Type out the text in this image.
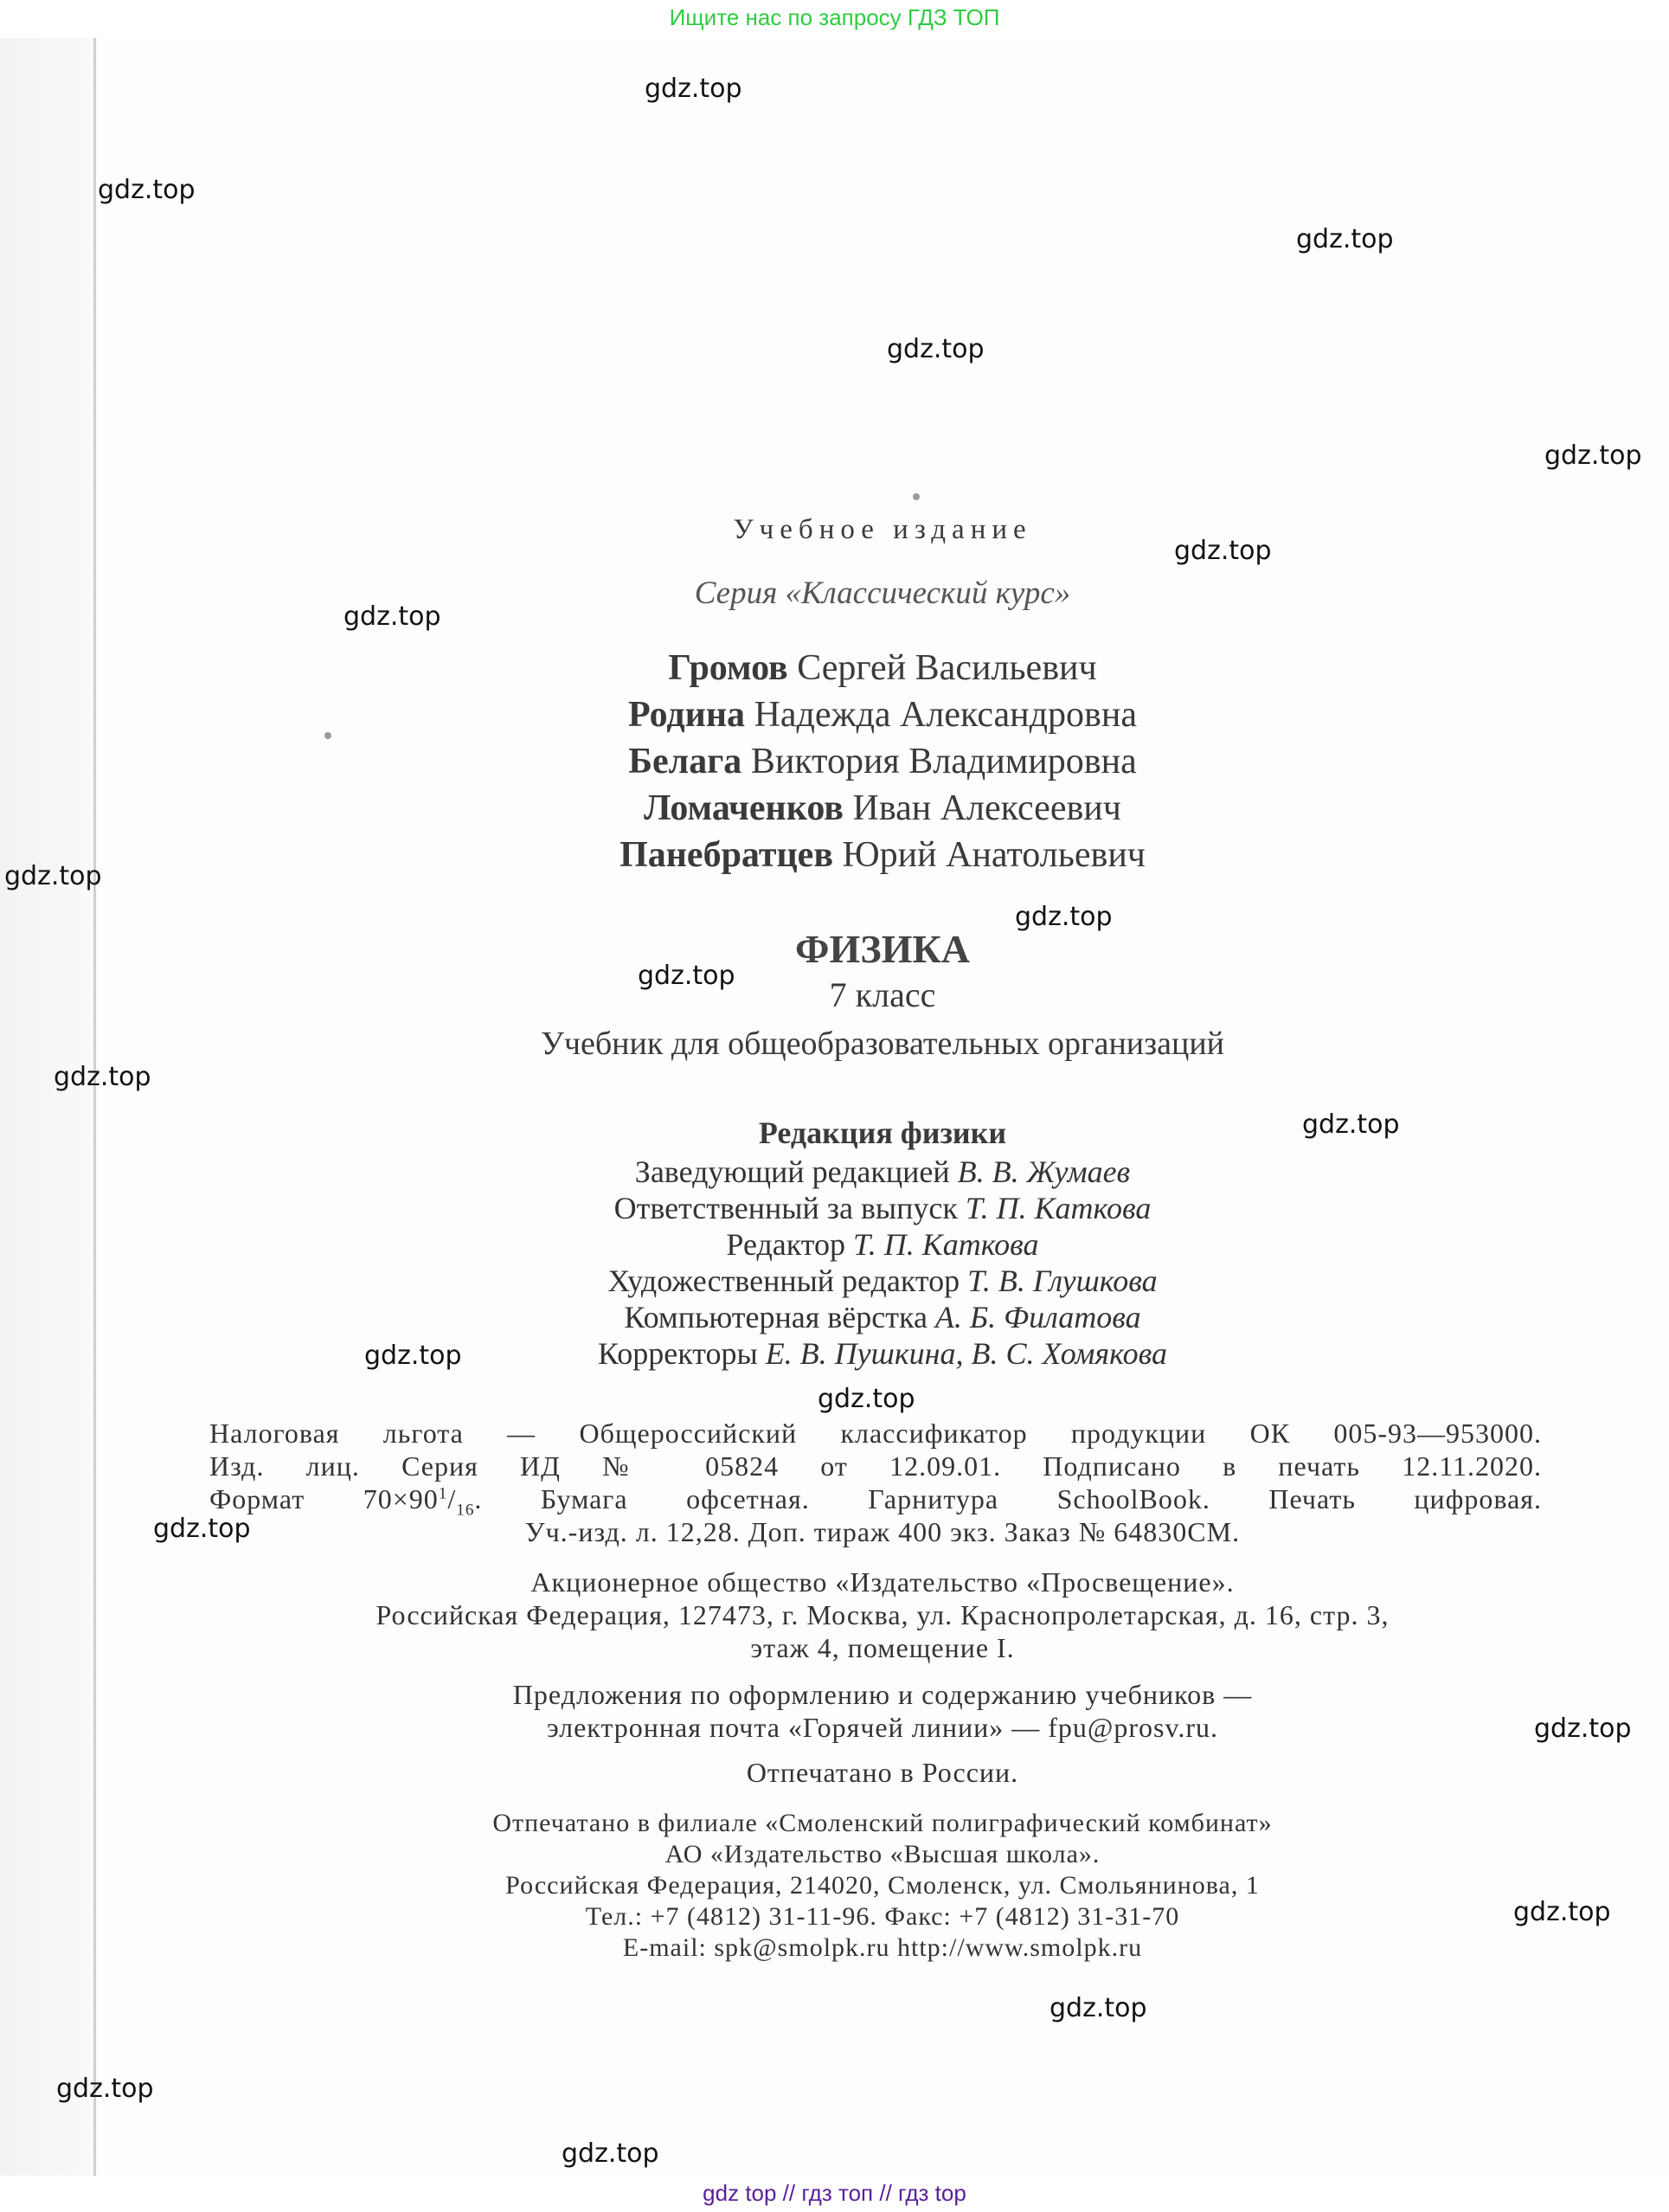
Ищите нас по запросу ГДЗ ТОП
Учебное издание
Серия «Классический курс»
Громов Сергей Васильевич
Родина Надежда Александровна
Белага Виктория Владимировна
Ломаченков Иван Алексеевич
Панебратцев Юрий Анатольевич
ФИЗИКА
7 класс
Учебник для общеобразовательных организаций
Редакция физики
Заведующий редакцией В. В. Жумаев
Ответственный за выпуск Т. П. Каткова
Редактор Т. П. Каткова
Художественный редактор Т. В. Глушкова
Компьютерная вёрстка А. Б. Филатова
Корректоры Е. В. Пушкина, В. С. Хомякова
Налоговая льгота — Общероссийский классификатор продукции ОК 005-93—953000.
Изд. лиц. Серия ИД № 05824 от 12.09.01. Подписано в печать 12.11.2020.
Формат $70\times 90^1/_{16}$. Бумага офсетная. Гарнитура SchoolBook. Печать цифровая.
Уч.-изд. л. 12,28. Доп. тираж 400 экз. Заказ № 64830СМ.
Акционерное общество «Издательство «Просвещение».
Российская Федерация, 127473, г. Москва, ул. Краснопролетарская, д. 16, стр. 3,
этаж 4, помещение I.
Предложения по оформлению и содержанию учебников —
электронная почта «Горячей линии» — fpu@prosv.ru.
Отпечатано в России.
Отпечатано в филиале «Смоленский полиграфический комбинат»
АО «Издательство «Высшая школа».
Российская Федерация, 214020, Смоленск, ул. Смольянинова, 1
Тел.: +7 (4812) 31-11-96. Факс: +7 (4812) 31-31-70
E-mail: spk@smolpk.ru http://www.smolpk.ru
gdz.top
gdz.top
gdz.top
gdz.top
gdz.top
gdz.top
gdz.top
gdz.top
gdz.top
gdz.top
gdz.top
gdz.top
gdz.top
gdz.top
gdz.top
gdz.top
gdz.top
gdz.top
gdz.top
gdz.top
gdz top // гдз топ // гдз top
